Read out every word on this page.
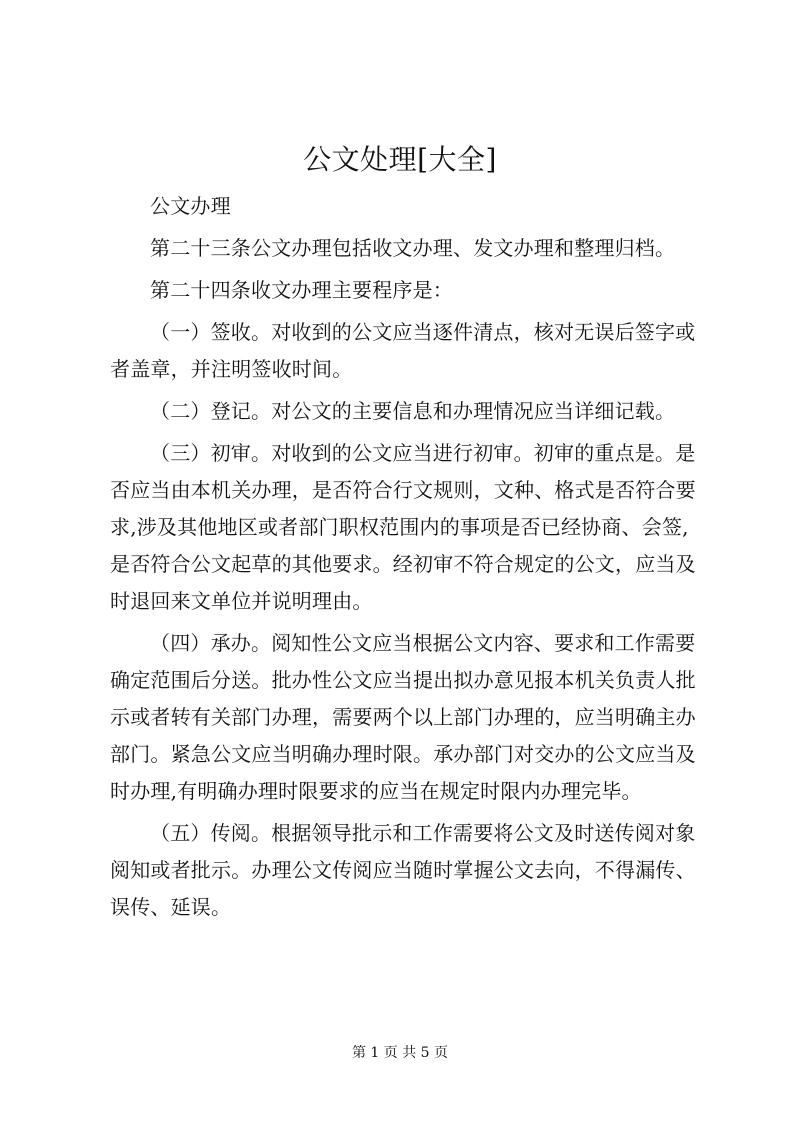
公文处理[大全]

公文办理

第二十三条公文办理包括收文办理、发文办理和整理归档。

第二十四条收文办理主要程序是：

（一）签收。对收到的公文应当逐件清点，核对无误后签字或者盖章，并注明签收时间。

（二）登记。对公文的主要信息和办理情况应当详细记载。

（三）初审。对收到的公文应当进行初审。初审的重点是。是否应当由本机关办理，是否符合行文规则，文种、格式是否符合要求,涉及其他地区或者部门职权范围内的事项是否已经协商、会签,是否符合公文起草的其他要求。经初审不符合规定的公文，应当及时退回来文单位并说明理由。

（四）承办。阅知性公文应当根据公文内容、要求和工作需要确定范围后分送。批办性公文应当提出拟办意见报本机关负责人批示或者转有关部门办理，需要两个以上部门办理的，应当明确主办部门。紧急公文应当明确办理时限。承办部门对交办的公文应当及时办理,有明确办理时限要求的应当在规定时限内办理完毕。

（五）传阅。根据领导批示和工作需要将公文及时送传阅对象阅知或者批示。办理公文传阅应当随时掌握公文去向，不得漏传、误传、延误。

第 1 页 共 5 页
